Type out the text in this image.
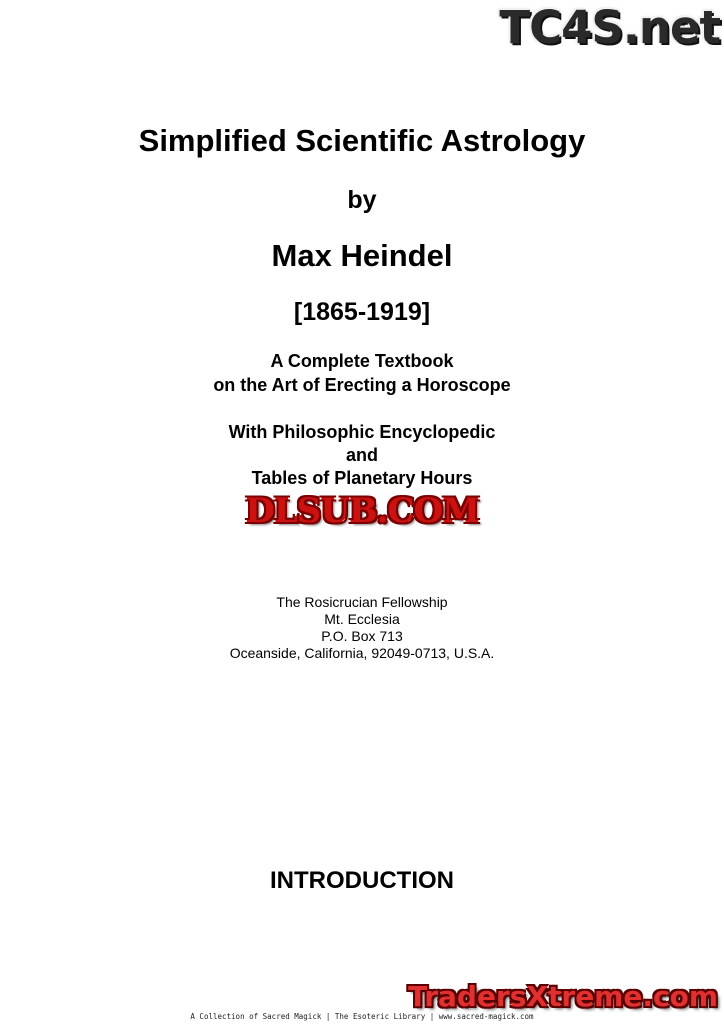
TC4S.net
Simplified Scientific Astrology
by
Max Heindel
[1865-1919]
A Complete Textbook
on the Art of Erecting a Horoscope
With Philosophic Encyclopedic
and
Tables of Planetary Hours
DLSUB.COM
The Rosicrucian Fellowship
Mt. Ecclesia
P.O. Box 713
Oceanside, California, 92049-0713, U.S.A.
INTRODUCTION
TradersXtreme.com
A Collection of Sacred Magick | The Esoteric Library | www.sacred-magick.com
